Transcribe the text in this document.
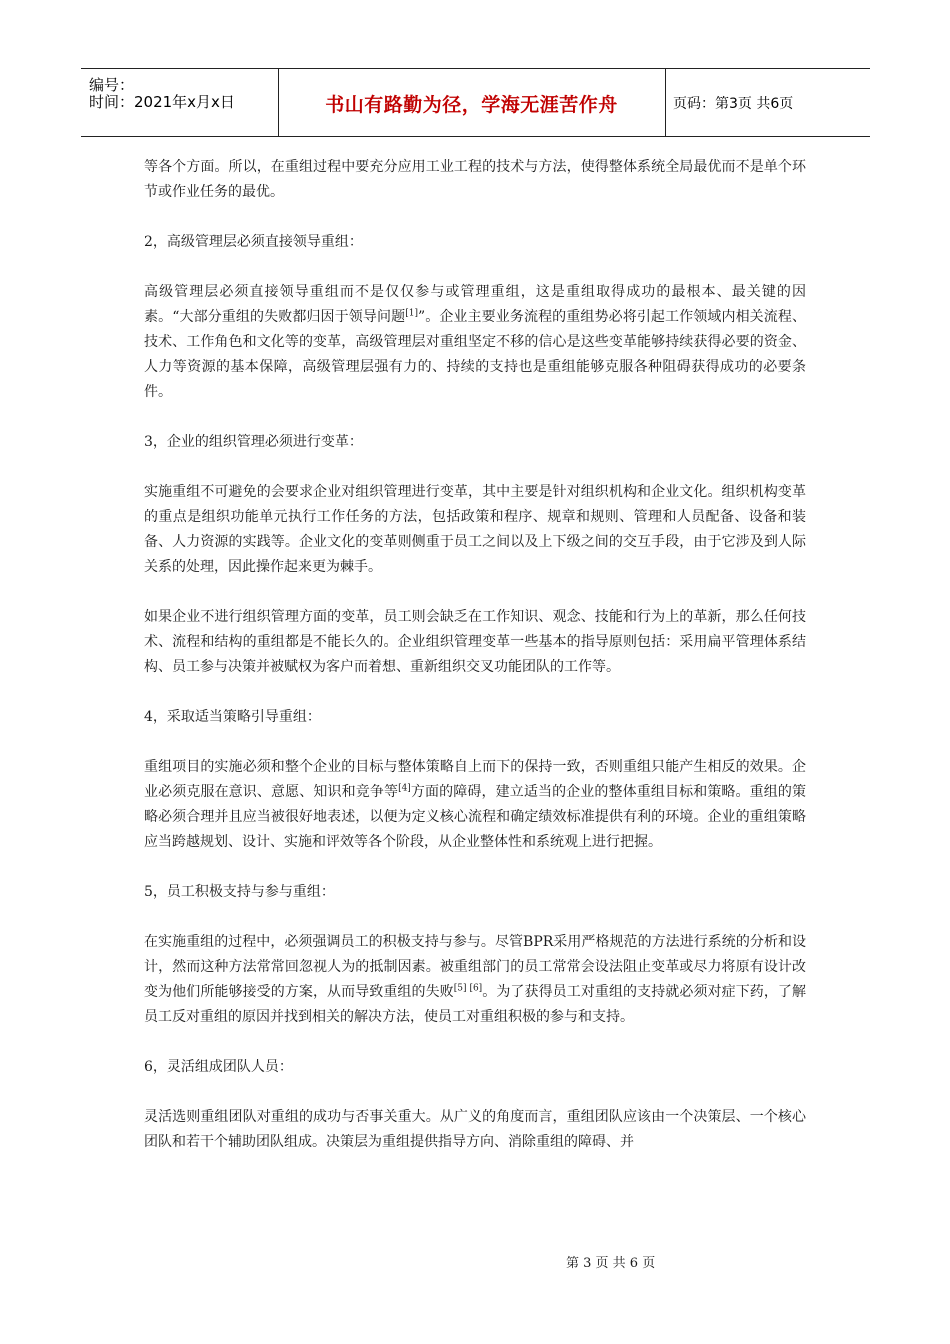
编号：
时间：2021年x月x日	书山有路勤为径，学海无涯苦作舟	页码：第3页 共6页

等各个方面。所以，在重组过程中要充分应用工业工程的技术与方法，使得整体系统全局最优而不是单个环节或作业任务的最优。

2，高级管理层必须直接领导重组：

高级管理层必须直接领导重组而不是仅仅参与或管理重组，这是重组取得成功的最根本、最关键的因素。“大部分重组的失败都归因于领导问题[1]”。企业主要业务流程的重组势必将引起工作领域内相关流程、技术、工作角色和文化等的变革，高级管理层对重组坚定不移的信心是这些变革能够持续获得必要的资金、人力等资源的基本保障，高级管理层强有力的、持续的支持也是重组能够克服各种阻碍获得成功的必要条件。

3，企业的组织管理必须进行变革：

实施重组不可避免的会要求企业对组织管理进行变革，其中主要是针对组织机构和企业文化。组织机构变革的重点是组织功能单元执行工作任务的方法，包括政策和程序、规章和规则、管理和人员配备、设备和装备、人力资源的实践等。企业文化的变革则侧重于员工之间以及上下级之间的交互手段，由于它涉及到人际关系的处理，因此操作起来更为棘手。

如果企业不进行组织管理方面的变革，员工则会缺乏在工作知识、观念、技能和行为上的革新，那么任何技术、流程和结构的重组都是不能长久的。企业组织管理变革一些基本的指导原则包括：采用扁平管理体系结构、员工参与决策并被赋权为客户而着想、重新组织交叉功能团队的工作等。

4，采取适当策略引导重组：

重组项目的实施必须和整个企业的目标与整体策略自上而下的保持一致，否则重组只能产生相反的效果。企业必须克服在意识、意愿、知识和竞争等[4]方面的障碍，建立适当的企业的整体重组目标和策略。重组的策略必须合理并且应当被很好地表述，以便为定义核心流程和确定绩效标准提供有利的环境。企业的重组策略应当跨越规划、设计、实施和评效等各个阶段，从企业整体性和系统观上进行把握。

5，员工积极支持与参与重组：

在实施重组的过程中，必须强调员工的积极支持与参与。尽管BPR采用严格规范的方法进行系统的分析和设计，然而这种方法常常回忽视人为的抵制因素。被重组部门的员工常常会设法阻止变革或尽力将原有设计改变为他们所能够接受的方案，从而导致重组的失败[5] [6]。为了获得员工对重组的支持就必须对症下药，了解员工反对重组的原因并找到相关的解决方法，使员工对重组积极的参与和支持。

6，灵活组成团队人员：

灵活选则重组团队对重组的成功与否事关重大。从广义的角度而言，重组团队应该由一个决策层、一个核心团队和若干个辅助团队组成。决策层为重组提供指导方向、消除重组的障碍、并

第 3 页 共 6 页
